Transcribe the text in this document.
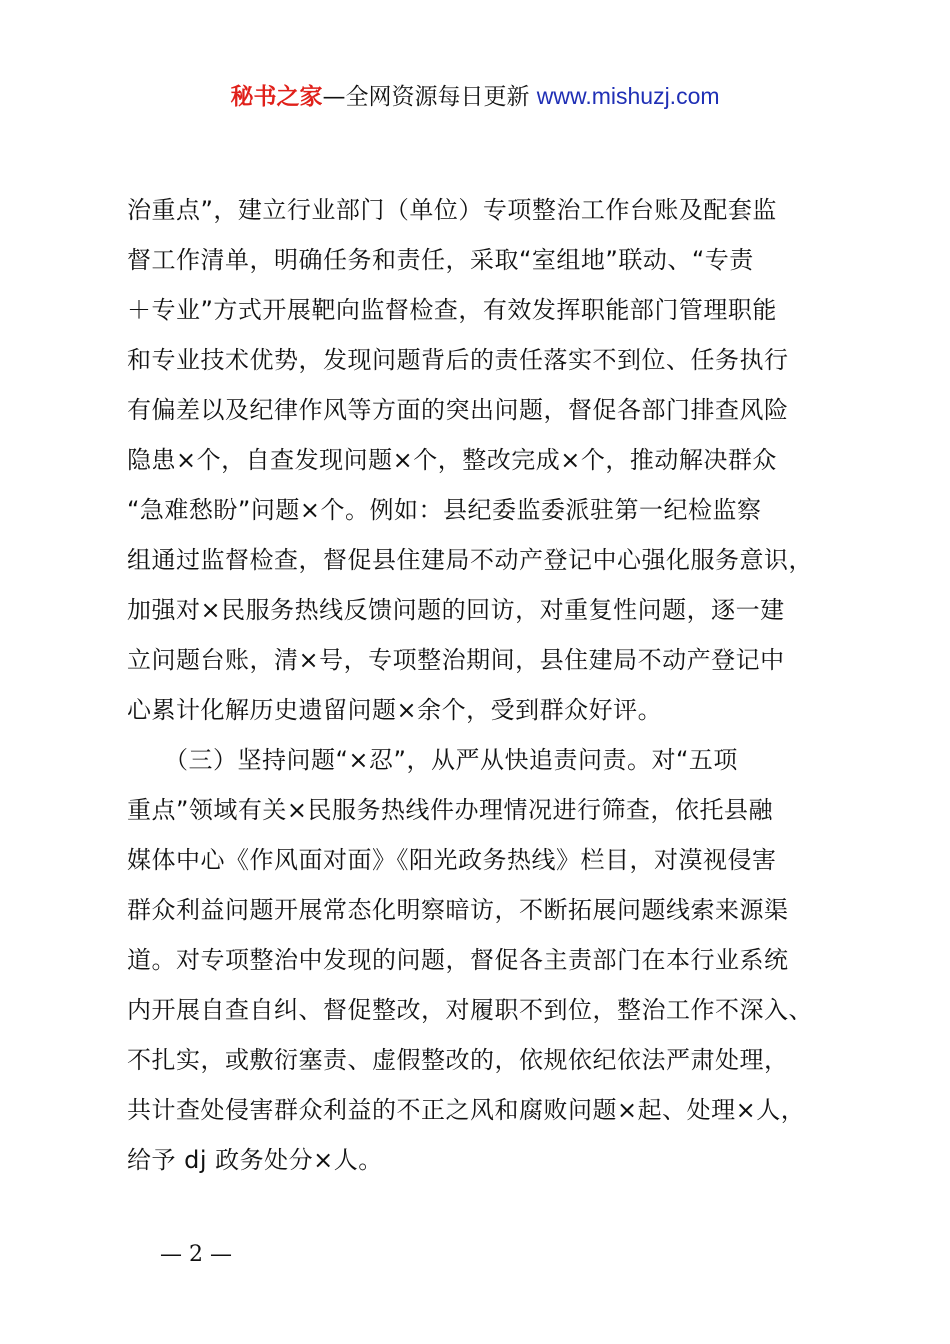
秘书之家—全网资源每日更新 www.mishuzj.com
治重点”，建立行业部门（单位）专项整治工作台账及配套监
督工作清单，明确任务和责任，采取“室组地”联动、“专责
＋专业”方式开展靶向监督检查，有效发挥职能部门管理职能
和专业技术优势，发现问题背后的责任落实不到位、任务执行
有偏差以及纪律作风等方面的突出问题，督促各部门排查风险
隐患×个，自查发现问题×个，整改完成×个，推动解决群众
“急难愁盼”问题×个。例如：县纪委监委派驻第一纪检监察
组通过监督检查，督促县住建局不动产登记中心强化服务意识，
加强对×民服务热线反馈问题的回访，对重复性问题，逐一建
立问题台账，清×号，专项整治期间，县住建局不动产登记中
心累计化解历史遗留问题×余个，受到群众好评。
　　（三）坚持问题“×忍”，从严从快追责问责。对“五项
重点”领域有关×民服务热线件办理情况进行筛查，依托县融
媒体中心《作风面对面》《阳光政务热线》栏目，对漠视侵害
群众利益问题开展常态化明察暗访，不断拓展问题线索来源渠
道。对专项整治中发现的问题，督促各主责部门在本行业系统
内开展自查自纠、督促整改，对履职不到位，整治工作不深入、
不扎实，或敷衍塞责、虚假整改的，依规依纪依法严肃处理，
共计查处侵害群众利益的不正之风和腐败问题×起、处理×人，
给予 dj 政务处分×人。
— 2 —
